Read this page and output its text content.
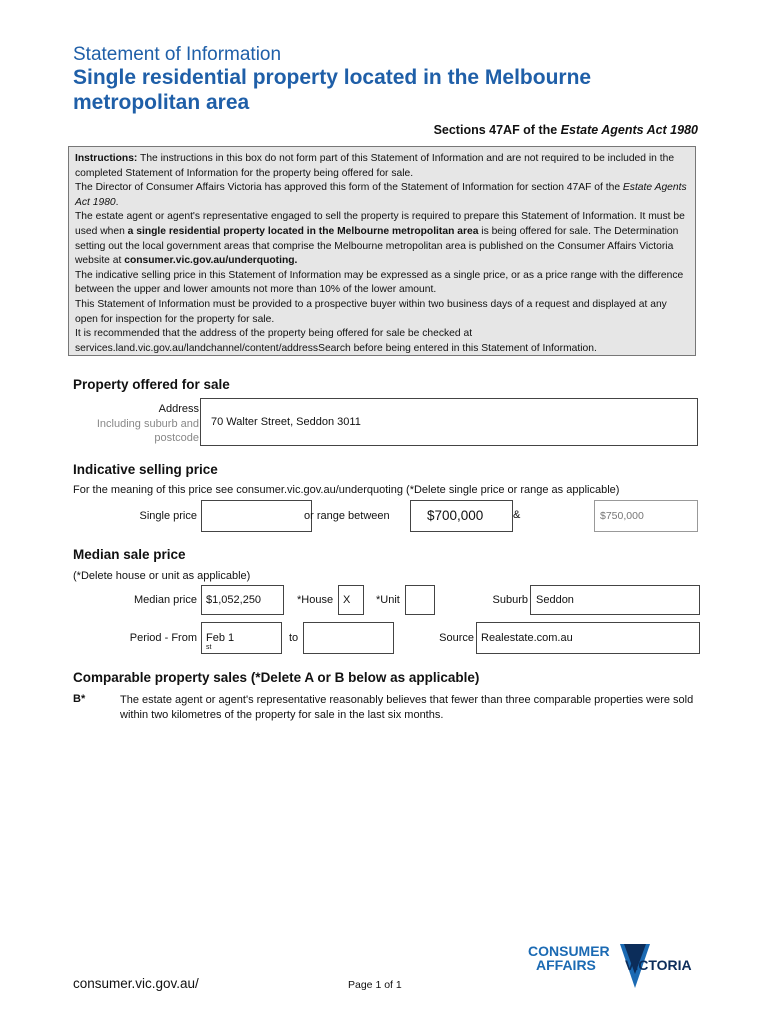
Statement of Information
Single residential property located in the Melbourne metropolitan area
Sections 47AF of the Estate Agents Act 1980

Instructions: The instructions in this box do not form part of this Statement of Information and are not required to be included in the completed Statement of Information for the property being offered for sale.

The Director of Consumer Affairs Victoria has approved this form of the Statement of Information for section 47AF of the Estate Agents Act 1980.

The estate agent or agent's representative engaged to sell the property is required to prepare this Statement of Information. It must be used when a single residential property located in the Melbourne metropolitan area is being offered for sale. The Determination setting out the local government areas that comprise the Melbourne metropolitan area is published on the Consumer Affairs Victoria website at consumer.vic.gov.au/underquoting.

The indicative selling price in this Statement of Information may be expressed as a single price, or as a price range with the difference between the upper and lower amounts not more than 10% of the lower amount.

This Statement of Information must be provided to a prospective buyer within two business days of a request and displayed at any open for inspection for the property for sale.

It is recommended that the address of the property being offered for sale be checked at services.land.vic.gov.au/landchannel/content/addressSearch before being entered in this Statement of Information.

Property offered for sale
Address
Including suburb and
postcode
70 Walter Street, Seddon 3011
Indicative selling price
For the meaning of this price see consumer.vic.gov.au/underquoting (*Delete single price or range as applicable)
Single price	or range between	$700,000	&	$750,000
Median sale price
(*Delete house or unit as applicable)
Median price $1,052,250	*House X	*Unit	Suburb Seddon
Period - From Feb 1
$^{st}$
to	Source Realestate.com.au
Comparable property sales (*Delete A or B below as applicable)
B*	The estate agent or agent's representative reasonably believes that fewer than three comparable properties were sold within two kilometres of the property for sale in the last six months.
CONSUMER
AFFAIRS VICTORIA
consumer.vic.gov.au/	Page 1 of 1
